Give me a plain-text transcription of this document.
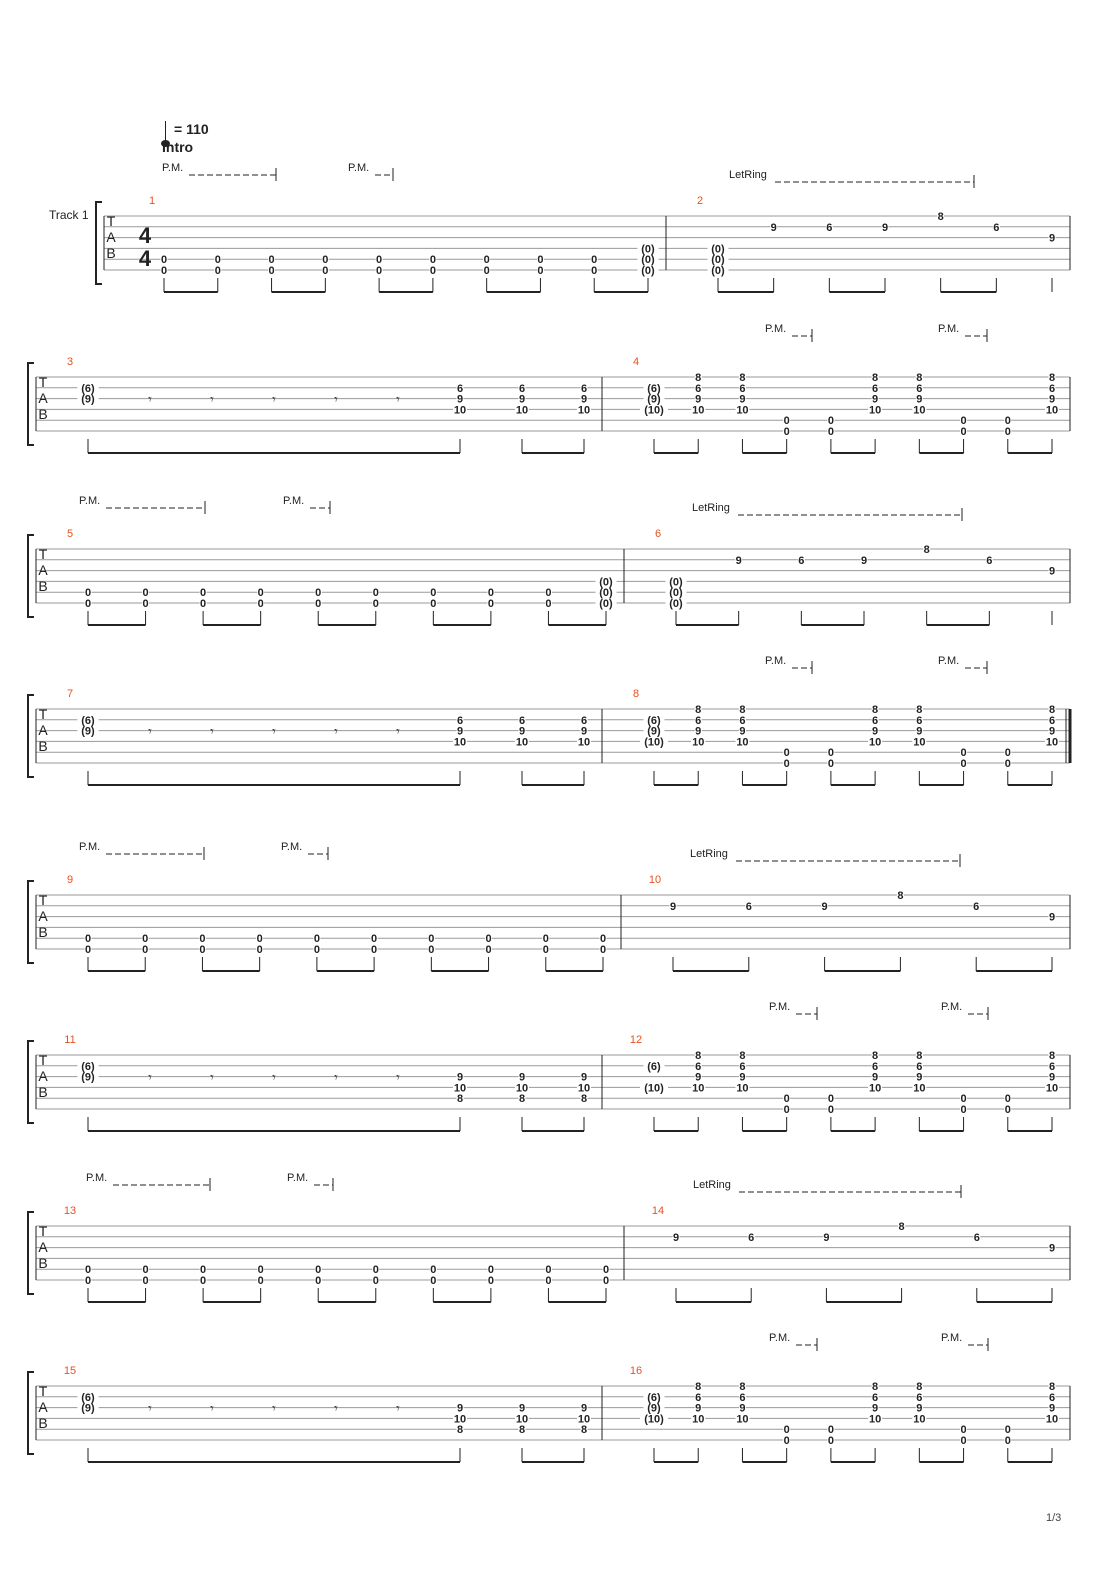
= 110
Intro
Track 1 T
A
B
4
4
P.M.	P.M.
LetRing
1
0
0
0
0
0
0
0
0
0
0
0
0
0
0
0
0
0
0
(0)
(0)
(0)
2
(0)
(0)
(0)
9	6	9
8
6
9
T
A
B
P.M.	P.M.
3
(6)
(9)	𝄾	𝄾	𝄾	𝄾	𝄾
6
9
10
6
9
10
6
9
10
4
(6)
(9)
(10)
8
6
9
10
8
6
9
10
0
0
0
0
8
6
9
10
8
6
9
10
0
0
0
0
8
6
9
10
T
A
B
P.M.	P.M.
LetRing
5
0
0
0
0
0
0
0
0
0
0
0
0
0
0
0
0
0
0
(0)
(0)
(0)
6
(0)
(0)
(0)
9	6	9
8
6
9
T
A
B
P.M.	P.M.
7
(6)
(9)	𝄾	𝄾	𝄾	𝄾	𝄾
6
9
10
6
9
10
6
9
10
8
(6)
(9)
(10)
8
6
9
10
8
6
9
10
0
0
0
0
8
6
9
10
8
6
9
10
0
0
0
0
8
6
9
10
T
A
B
P.M.	P.M.
LetRing
9
0
0
0
0
0
0
0
0
0
0
0
0
0
0
0
0
0
0
0
0
10
9	6	9
8
6
9
T
A
B
P.M.	P.M.
11
(6)
(9)	𝄾	𝄾	𝄾	𝄾	𝄾	9
10
8
9
10
8
9
10
8
12
(6)
(10)
8
6
9
10
8
6
9
10
0
0
0
0
8
6
9
10
8
6
9
10
0
0
0
0
8
6
9
10
T
A
B
P.M.	P.M.
LetRing
13
0
0
0
0
0
0
0
0
0
0
0
0
0
0
0
0
0
0
0
0
14
9	6	9
8
6
9
T
A
B
P.M.	P.M.
15
(6)
(9)	𝄾	𝄾	𝄾	𝄾	𝄾	9
10
8
9
10
8
9
10
8
16
(6)
(9)
(10)
8
6
9
10
8
6
9
10
0
0
0
0
8
6
9
10
8
6
9
10
0
0
0
0
8
6
9
10
1/3
